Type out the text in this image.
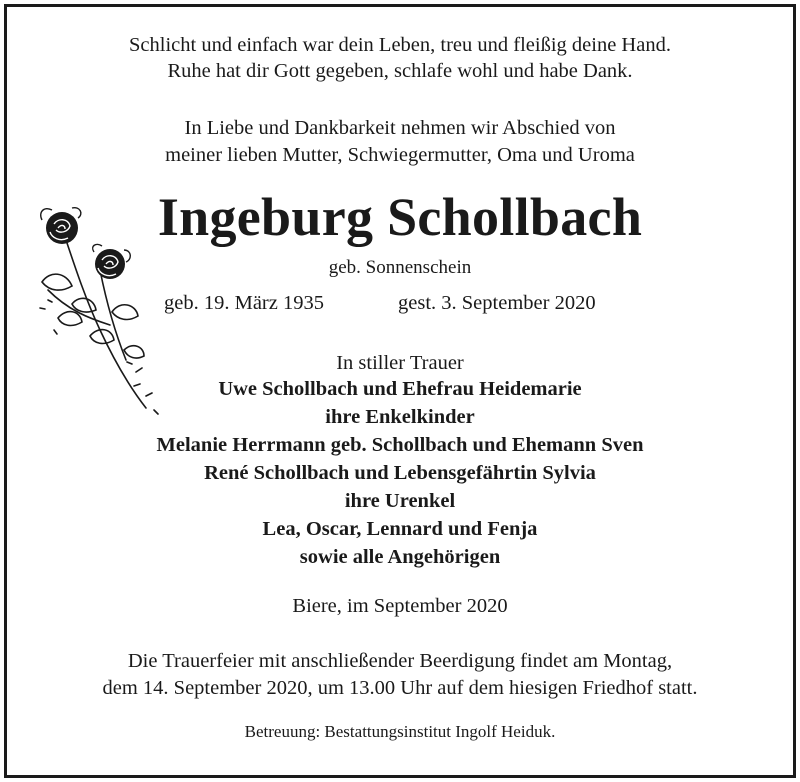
Schlicht und einfach war dein Leben, treu und fleißig deine Hand.
Ruhe hat dir Gott gegeben, schlafe wohl und habe Dank.
In Liebe und Dankbarkeit nehmen wir Abschied von
meiner lieben Mutter, Schwiegermutter, Oma und Uroma
Ingeburg Schollbach
geb. Sonnenschein
geb. 19. März 1935	gest. 3. September 2020
In stiller Trauer
Uwe Schollbach und Ehefrau Heidemarie
ihre Enkelkinder
Melanie Herrmann geb. Schollbach und Ehemann Sven
René Schollbach und Lebensgefährtin Sylvia
ihre Urenkel
Lea, Oscar, Lennard und Fenja
sowie alle Angehörigen
Biere, im September 2020
Die Trauerfeier mit anschließender Beerdigung findet am Montag,
dem 14. September 2020, um 13.00 Uhr auf dem hiesigen Friedhof statt.
Betreuung: Bestattungsinstitut Ingolf Heiduk.
